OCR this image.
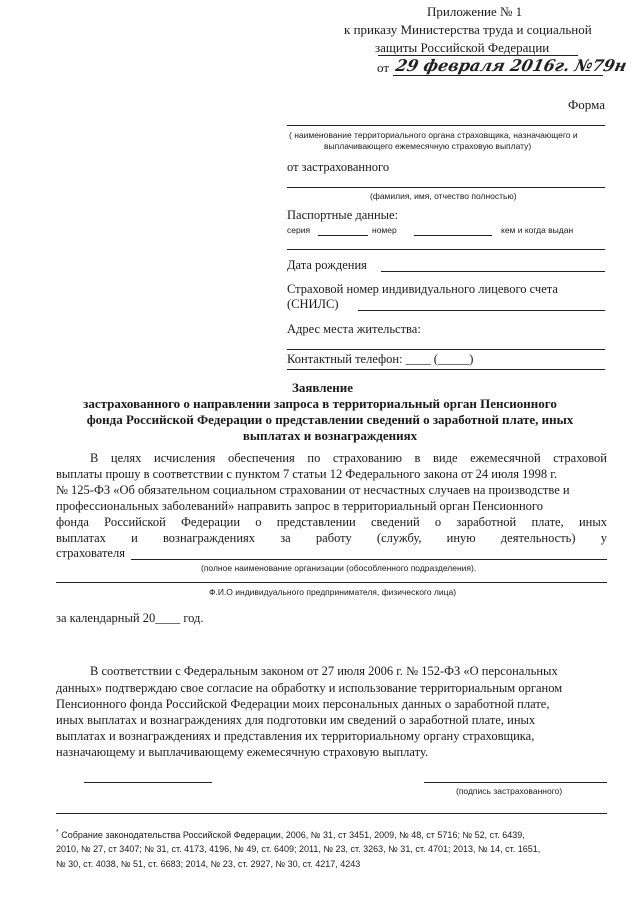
Приложение № 1
к приказу Министерства труда и социальной
защиты Российской Федерации
от 29 февраля 2016г. №79н
Форма
( наименование территориального органа страховщика, назначающего и
выплачивающего ежемесячную страховую выплату)
от застрахованного
(фамилия, имя, отчество полностью)
Паспортные данные:
серия	номер	кем и когда выдан
Дата рождения
Страховой номер индивидуального лицевого счета
(СНИЛС)
Адрес места жительства:
Контактный телефон: ____ (_____)
Заявление
застрахованного о направлении запроса в территориальный орган Пенсионного
фонда Российской Федерации о представлении сведений о заработной плате, иных
выплатах и вознаграждениях
В целях исчисления обеспечения по страхованию в виде ежемесячной страховой
выплаты прошу в соответствии с пунктом 7 статьи 12 Федерального закона от 24 июля 1998 г.
№ 125-ФЗ «Об обязательном социальном страховании от несчастных случаев на производстве и
профессиональных заболеваний» направить запрос в территориальный орган Пенсионного
фонда Российской Федерации о представлении сведений о заработной плате, иных
выплатах и вознаграждениях за работу (службу, иную деятельность) у
страхователя
(полное наименование организации (обособленного подразделения).
Ф.И.О индивидуального предпринимателя, физического лица)
за календарный 20____ год.
В соответствии с Федеральным законом от 27 июля 2006 г. № 152-ФЗ «О персональных
данных» подтверждаю свое согласие на обработку и использование территориальным органом
Пенсионного фонда Российской Федерации моих персональных данных о заработной плате,
иных выплатах и вознаграждениях для подготовки им сведений о заработной плате, иных
выплатах и вознаграждениях и представления их территориальному органу страховщика,
назначающему и выплачивающему ежемесячную страховую выплату.
(подпись застрахованного)
* Собрание законодательства Российской Федерации, 2006, № 31, ст 3451, 2009, № 48, ст 5716; № 52, ст. 6439,
2010, № 27, ст 3407; № 31, ст. 4173, 4196, № 49, ст. 6409; 2011, № 23, ст. 3263, № 31, ст. 4701; 2013, № 14, ст. 1651,
№ 30, ст. 4038, № 51, ст. 6683; 2014, № 23, ст. 2927, № 30, ст. 4217, 4243
